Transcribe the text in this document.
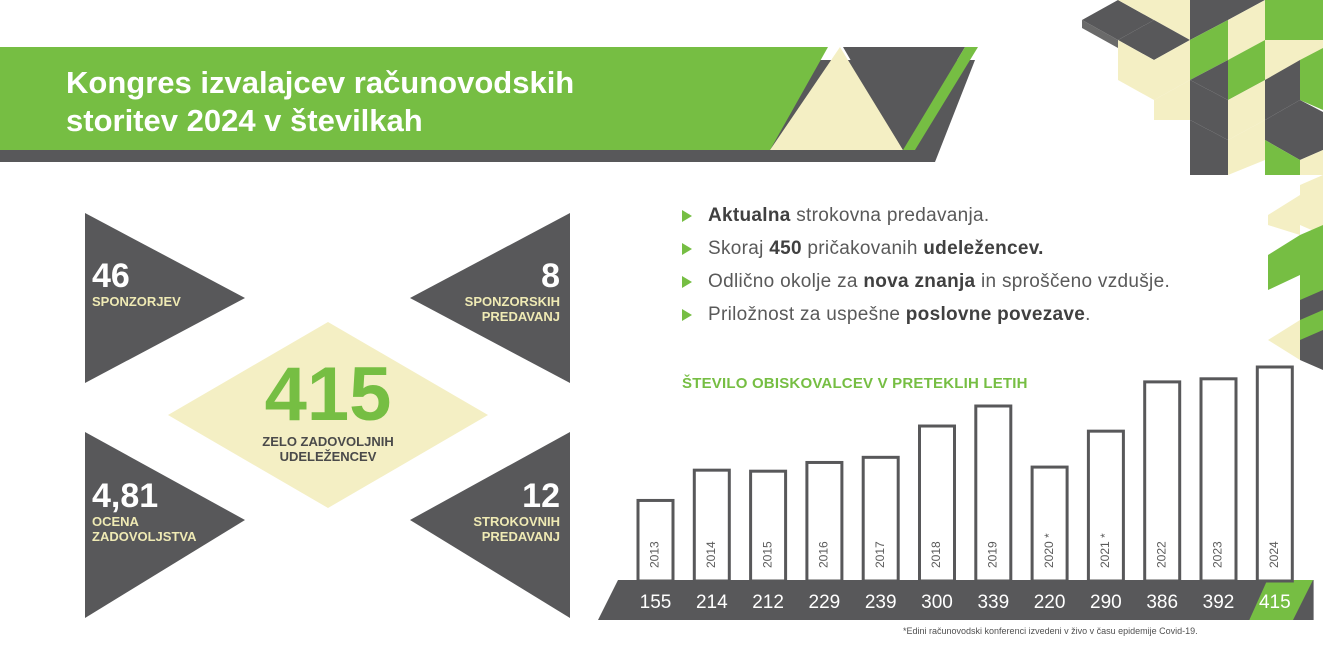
Kongres izvalajcev računovodskih
storitev 2024 v številkah
46
SPONZORJEV
8
SPONZORSKIH
PREDAVANJ
415
ZELO ZADOVOLJNIH
UDELEŽENCEV
4,81
OCENA
ZADOVOLJSTVA
12
STROKOVNIH
PREDAVANJ
Aktualna strokovna predavanja.
Skoraj 450 pričakovanih udeležencev.
Odlično okolje za nova znanja in sproščeno vzdušje.
Priložnost za uspešne poslovne povezave.
ŠTEVILO OBISKOVALCEV V PRETEKLIH LETIH
2013
155
2014
214
2015
212
2016
229
2017
239
2018
300
2019
339
2020 *
220
2021 *
290
2022
386
2023
392
2024
415
*Edini računovodski konferenci izvedeni v živo v času epidemije Covid-19.
